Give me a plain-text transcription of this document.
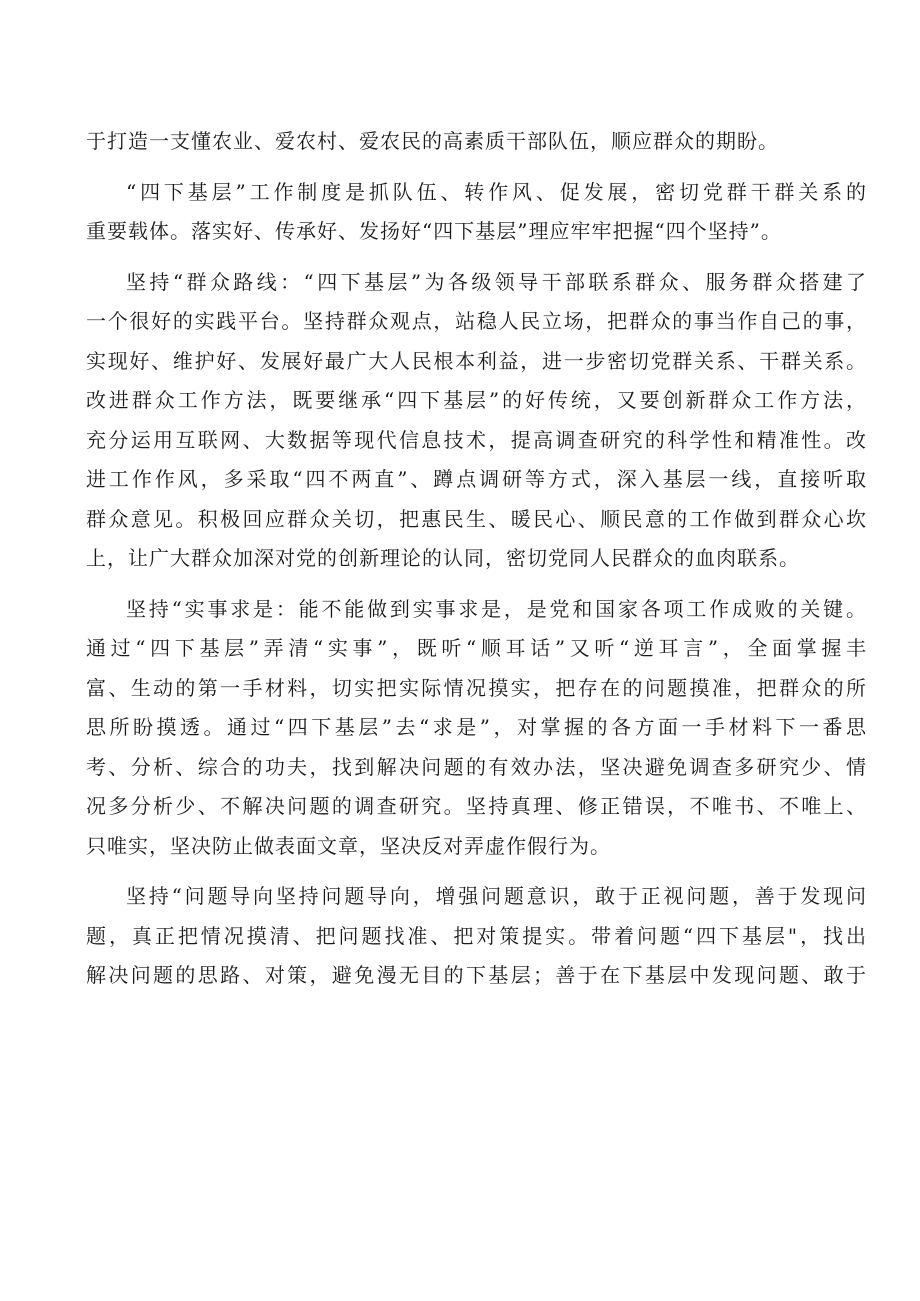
于打造一支懂农业、爱农村、爱农民的高素质干部队伍，顺应群众的期盼。
“四下基层”工作制度是抓队伍、转作风、促发展，密切党群干群关系的
重要载体。落实好、传承好、发扬好“四下基层”理应牢牢把握“四个坚持”。
坚持“群众路线：“四下基层”为各级领导干部联系群众、服务群众搭建了
一个很好的实践平台。坚持群众观点，站稳人民立场，把群众的事当作自己的事，
实现好、维护好、发展好最广大人民根本利益，进一步密切党群关系、干群关系。
改进群众工作方法，既要继承“四下基层”的好传统，又要创新群众工作方法，
充分运用互联网、大数据等现代信息技术，提高调查研究的科学性和精准性。改
进工作作风，多采取“四不两直”、蹲点调研等方式，深入基层一线，直接听取
群众意见。积极回应群众关切，把惠民生、暖民心、顺民意的工作做到群众心坎
上，让广大群众加深对党的创新理论的认同，密切党同人民群众的血肉联系。
坚持“实事求是：能不能做到实事求是，是党和国家各项工作成败的关键。
通过“四下基层”弄清“实事”，既听“顺耳话”又听“逆耳言”，全面掌握丰
富、生动的第一手材料，切实把实际情况摸实，把存在的问题摸准，把群众的所
思所盼摸透。通过“四下基层”去“求是”，对掌握的各方面一手材料下一番思
考、分析、综合的功夫，找到解决问题的有效办法，坚决避免调查多研究少、情
况多分析少、不解决问题的调查研究。坚持真理、修正错误，不唯书、不唯上、
只唯实，坚决防止做表面文章，坚决反对弄虚作假行为。
坚持“问题导向坚持问题导向，增强问题意识，敢于正视问题，善于发现问
题，真正把情况摸清、把问题找准、把对策提实。带着问题“四下基层"，找出
解决问题的思路、对策，避免漫无目的下基层；善于在下基层中发现问题、敢于
